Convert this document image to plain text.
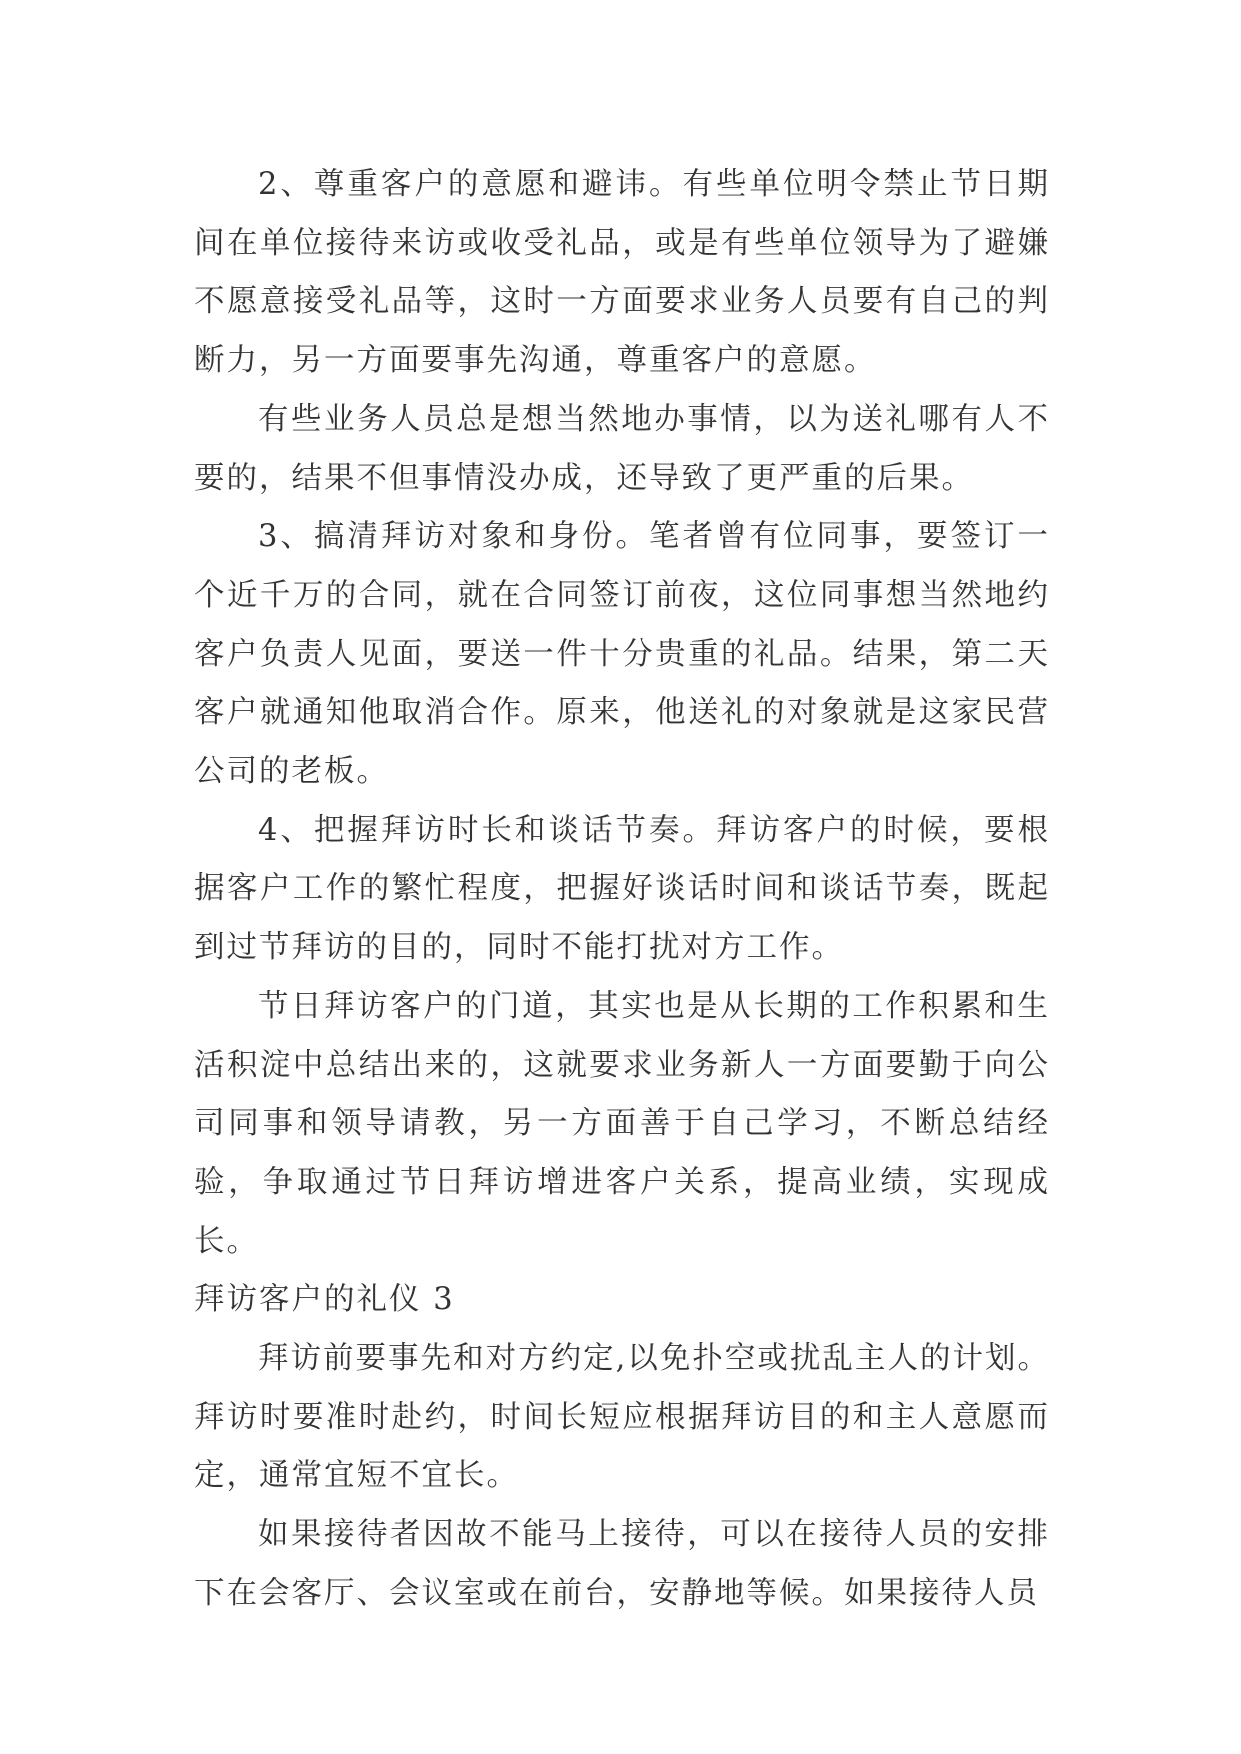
2、尊重客户的意愿和避讳。有些单位明令禁止节日期间在单位接待来访或收受礼品，或是有些单位领导为了避嫌不愿意接受礼品等，这时一方面要求业务人员要有自己的判断力，另一方面要事先沟通，尊重客户的意愿。

有些业务人员总是想当然地办事情，以为送礼哪有人不要的，结果不但事情没办成，还导致了更严重的后果。

3、搞清拜访对象和身份。笔者曾有位同事，要签订一个近千万的合同，就在合同签订前夜，这位同事想当然地约客户负责人见面，要送一件十分贵重的礼品。结果，第二天客户就通知他取消合作。原来，他送礼的对象就是这家民营公司的老板。

4、把握拜访时长和谈话节奏。拜访客户的时候，要根据客户工作的繁忙程度，把握好谈话时间和谈话节奏，既起到过节拜访的目的，同时不能打扰对方工作。

节日拜访客户的门道，其实也是从长期的工作积累和生活积淀中总结出来的，这就要求业务新人一方面要勤于向公司同事和领导请教，另一方面善于自己学习，不断总结经验，争取通过节日拜访增进客户关系，提高业绩，实现成长。

拜访客户的礼仪 3

拜访前要事先和对方约定,以免扑空或扰乱主人的计划。拜访时要准时赴约，时间长短应根据拜访目的和主人意愿而定，通常宜短不宜长。

如果接待者因故不能马上接待，可以在接待人员的安排下在会客厅、会议室或在前台，安静地等候。如果接待人员
